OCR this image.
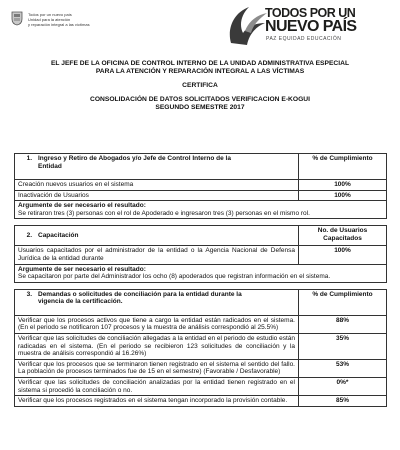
Todos por un nuevo país
Unidad para la atención
y reparación integral a las víctimas
TODOS POR UN
NUEVO PAÍS
PAZ EQUIDAD EDUCACIÓN
EL JEFE DE LA OFICINA DE CONTROL INTERNO DE LA UNIDAD ADMINISTRATIVA ESPECIAL
PARA LA ATENCIÓN Y REPARACIÓN INTEGRAL A LAS VÍCTIMAS
CERTIFICA
CONSOLIDACIÓN DE DATOS SOLICITADOS VERIFICACION E-KOGUI
SEGUNDO SEMESTRE 2017
1. Ingreso y Retiro de Abogados y/o Jefe de Control Interno de la
Entidad	% de Cumplimiento
Creación nuevos usuarios en el sistema	100%
Inactivación de Usuarios	100%

Argumente de ser necesario el resultado:
Se retiraron tres (3) personas con el rol de Apoderado e ingresaron tres (3) personas en el mismo rol.	

2. Capacitación	No. de Usuarios Capacitados
Usuarios capacitados por el administrador de la entidad o la Agencia Nacional de Defensa Jurídica de la entidad durante	100%

Argumente de ser necesario el resultado:
Se capacitaron por parte del Administrador los ocho (8) apoderados que registran información en el sistema.	

3. Demandas o solicitudes de conciliación para la entidad durante la
vigencia de la certificación.	% de Cumplimiento
Verificar que los procesos activos que tiene a cargo la entidad están radicados en el sistema. (En el periodo se notificaron 107 procesos y la muestra de análisis correspondió al 25.5%)	88%
Verificar que las solicitudes de conciliación allegadas a la entidad en el periodo de estudio están radicadas en el sistema. (En el periodo se recibieron 123 solicitudes de conciliación y la muestra de análisis correspondió al 16.26%)	35%
Verificar que los procesos que se terminaron tienen registrado en el sistema el sentido del fallo. La población de procesos terminados fue de 15 en el semestre) (Favorable / Desfavorable)	53%
Verificar que las solicitudes de conciliación analizadas por la entidad tienen registrado en el sistema si procedió la conciliación o no.	0%*
Verificar que los procesos registrados en el sistema tengan incorporado la provisión contable.	85%
